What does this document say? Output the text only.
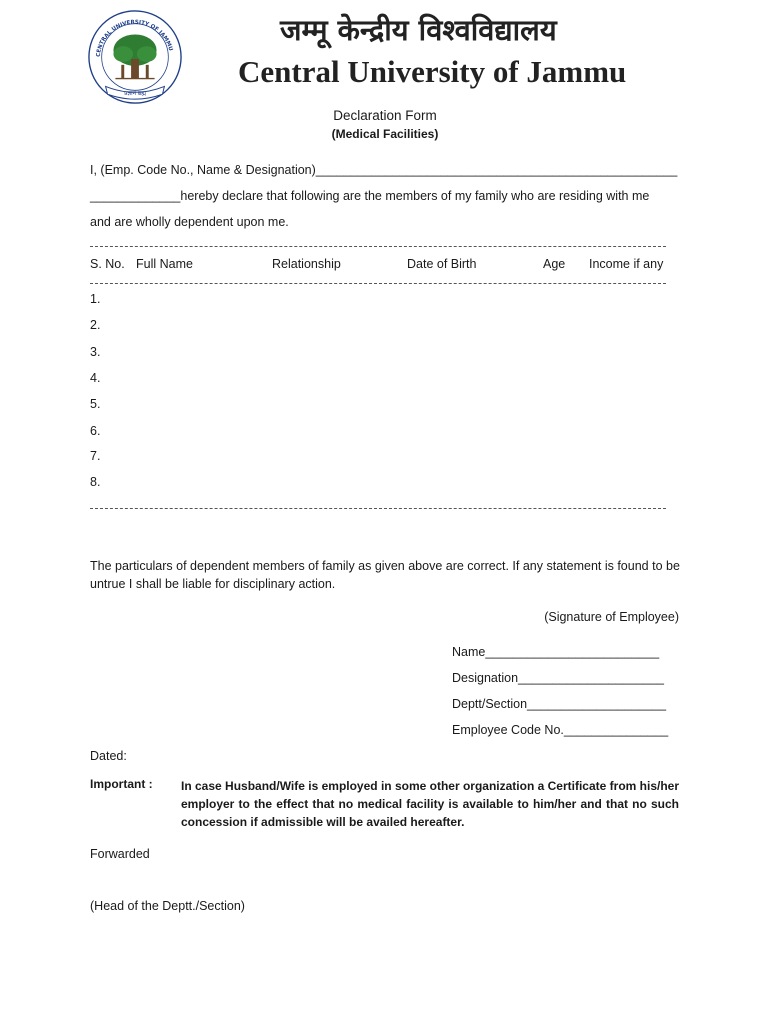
CENTRAL UNIVERSITY OF JAMMU
प्रज्ञानं ब्रह्म
जम्मू केन्द्रीय विश्वविद्यालय
Central University of Jammu
Declaration Form
(Medical Facilities)
I, (Emp. Code No., Name & Designation)____________________________________________________
_____________hereby declare that following are the members of my family who are residing with me
and are wholly dependent upon me.
S. No. Full Name	Relationship	Date of Birth	Age Income if any
1.
2.
3.
4.
5.
6.
7.
8.
The particulars of dependent members of family as given above are correct. If any statement is found to be untrue I shall be liable for disciplinary action.
(Signature of Employee)
Name_________________________
Designation_____________________
Deptt/Section____________________
Employee Code No._______________
Dated:
Important : In case Husband/Wife is employed in some other organization a Certificate from his/her employer to the effect that no medical facility is available to him/her and that no such concession if admissible will be availed hereafter.
Forwarded
(Head of the Deptt./Section)
